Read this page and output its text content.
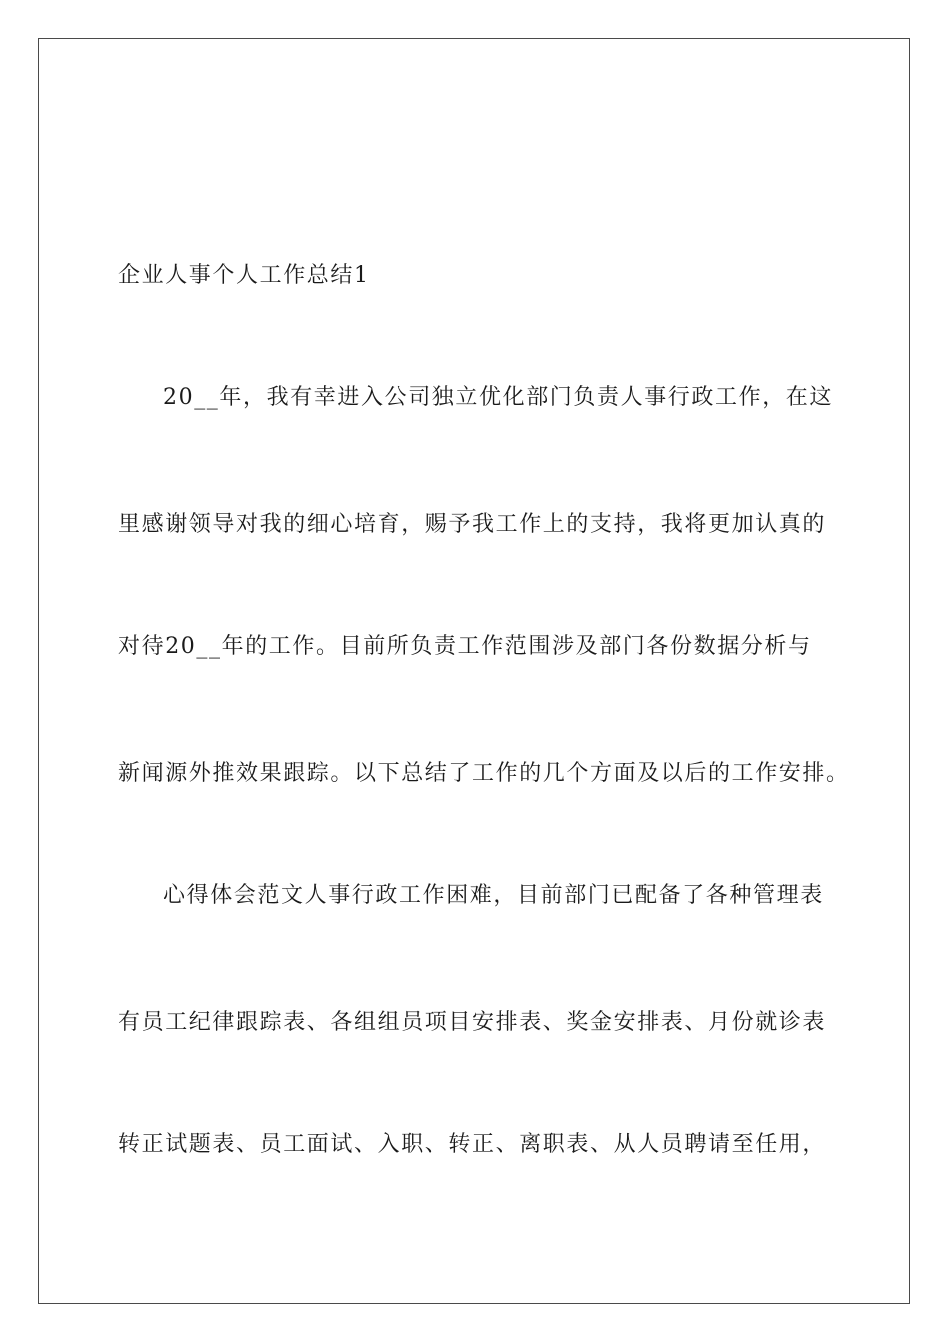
企业人事个人工作总结1
20__年，我有幸进入公司独立优化部门负责人事行政工作，在这
里感谢领导对我的细心培育，赐予我工作上的支持，我将更加认真的
对待20__年的工作。目前所负责工作范围涉及部门各份数据分析与
新闻源外推效果跟踪。以下总结了工作的几个方面及以后的工作安排。
心得体会范文人事行政工作困难，目前部门已配备了各种管理表
有员工纪律跟踪表、各组组员项目安排表、奖金安排表、月份就诊表
转正试题表、员工面试、入职、转正、离职表、从人员聘请至任用，
